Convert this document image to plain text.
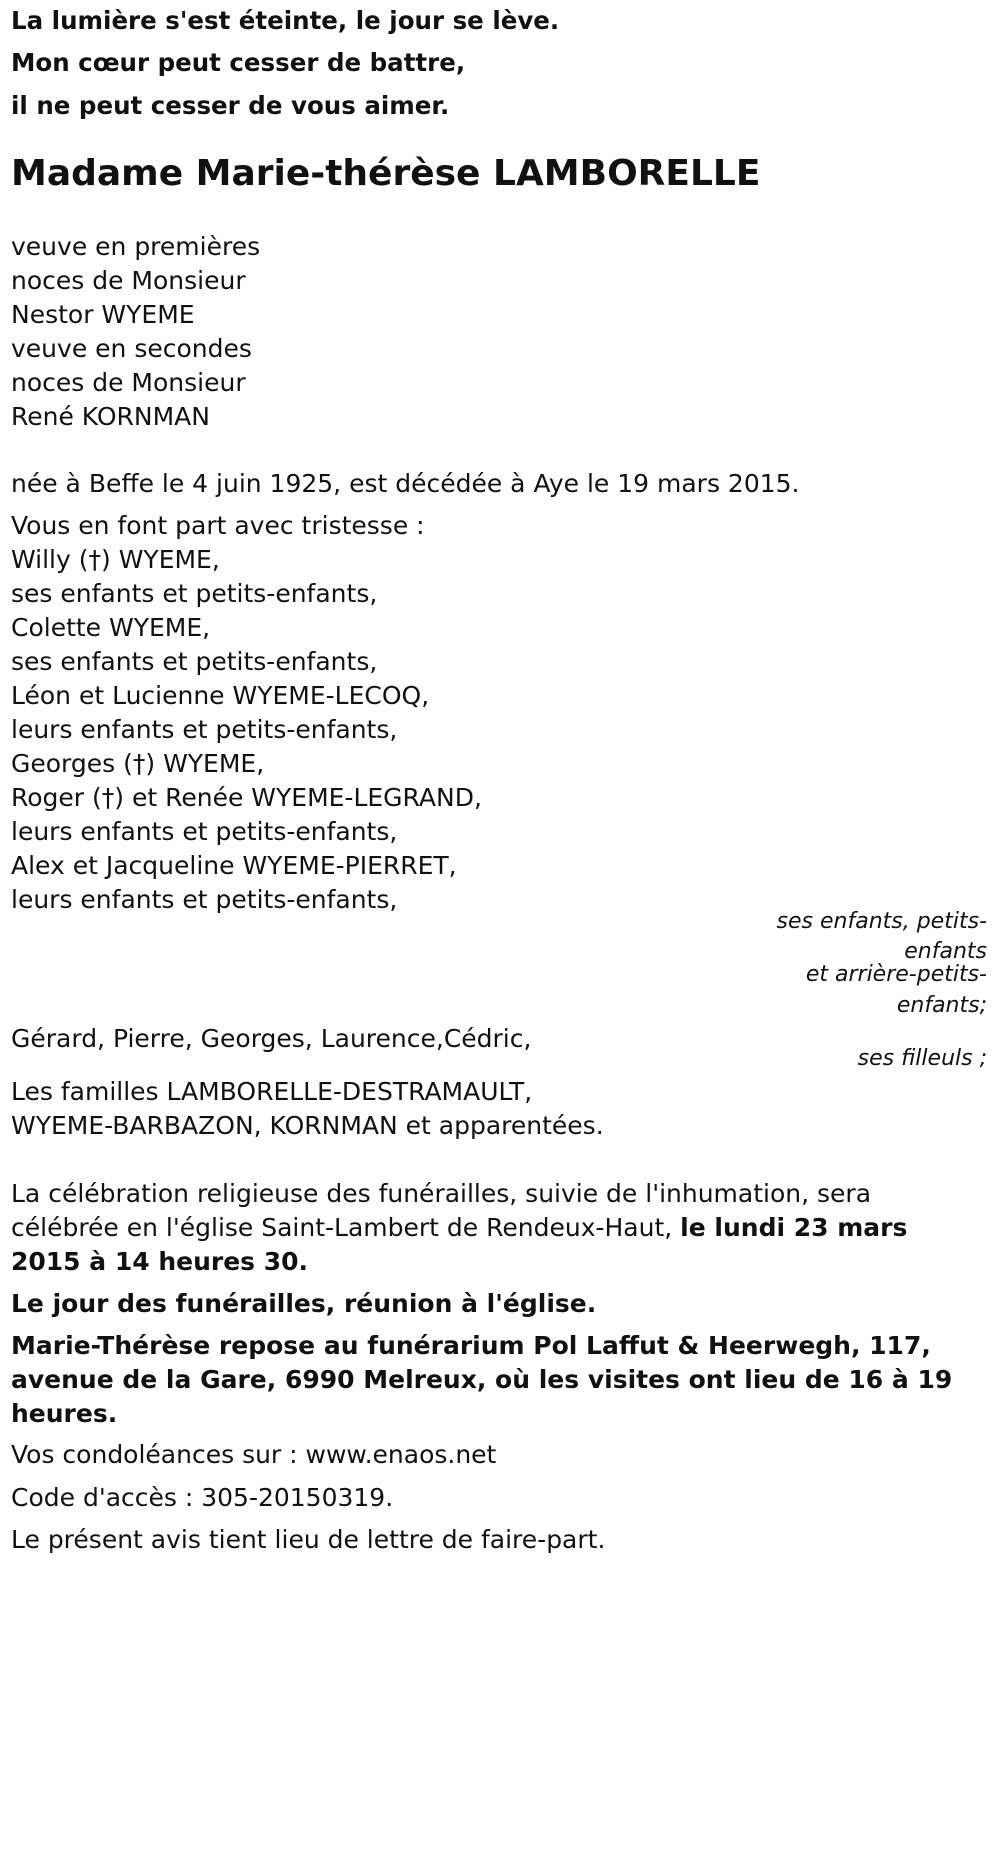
La lumière s'est éteinte, le jour se lève.
Mon cœur peut cesser de battre,
il ne peut cesser de vous aimer.
Madame Marie-thérèse LAMBORELLE
veuve en premières
noces de Monsieur
Nestor WYEME
veuve en secondes
noces de Monsieur
René KORNMAN
née à Beffe le 4 juin 1925, est décédée à Aye le 19 mars 2015.
Vous en font part avec tristesse :
Willy (†) WYEME,
ses enfants et petits-enfants,
Colette WYEME,
ses enfants et petits-enfants,
Léon et Lucienne WYEME-LECOQ,
leurs enfants et petits-enfants,
Georges (†) WYEME,
Roger (†) et Renée WYEME-LEGRAND,
leurs enfants et petits-enfants,
Alex et Jacqueline WYEME-PIERRET,
leurs enfants et petits-enfants,
ses enfants, petits-
enfants
et arrière-petits-
enfants;
Gérard, Pierre, Georges, Laurence,Cédric,
ses filleuls ;
Les familles LAMBORELLE-DESTRAMAULT,
WYEME-BARBAZON, KORNMAN et apparentées.
La célébration religieuse des funérailles, suivie de l'inhumation, sera
célébrée en l'église Saint-Lambert de Rendeux-Haut, le lundi 23 mars
2015 à 14 heures 30.
Le jour des funérailles, réunion à l'église.
Marie-Thérèse repose au funérarium Pol Laffut & Heerwegh, 117,
avenue de la Gare, 6990 Melreux, où les visites ont lieu de 16 à 19
heures.
Vos condoléances sur : www.enaos.net
Code d'accès : 305-20150319.
Le présent avis tient lieu de lettre de faire-part.
